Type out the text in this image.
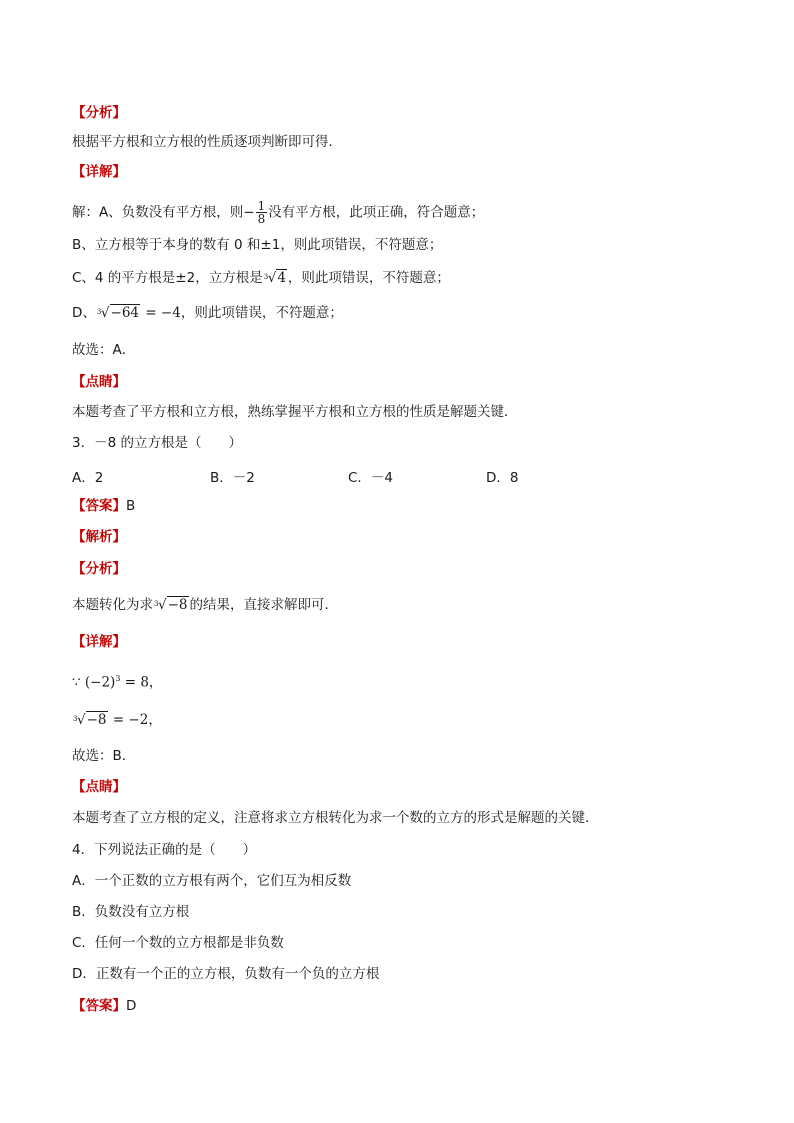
【分析】
根据平方根和立方根的性质逐项判断即可得．
【详解】
解：A、负数没有平方根，则− $\frac{1}{8}$ 没有平方根，此项正确，符合题意；
B、立方根等于本身的数有 0 和±1，则此项错误，不符题意；
C、4 的平方根是±2，立方根是 3 √4 ，则此项错误，不符题意；
D、 3 √−64 = −4，则此项错误，不符题意；
故选：A．
【点睛】
本题考查了平方根和立方根，熟练掌握平方根和立方根的性质是解题关键．
3．－8 的立方根是（　　）
A．2	B．－2	C．－4	D．8
【答案】B
【解析】
【分析】
本题转化为求 3 √−8 的结果，直接求解即可．
【详解】
∵ $(-2)^3 = 8$，
3 √−8 = −2，
故选：B．
【点睛】
本题考查了立方根的定义，注意将求立方根转化为求一个数的立方的形式是解题的关键．
4．下列说法正确的是（　　）
A．一个正数的立方根有两个，它们互为相反数
B．负数没有立方根
C．任何一个数的立方根都是非负数
D．正数有一个正的立方根，负数有一个负的立方根
【答案】D
